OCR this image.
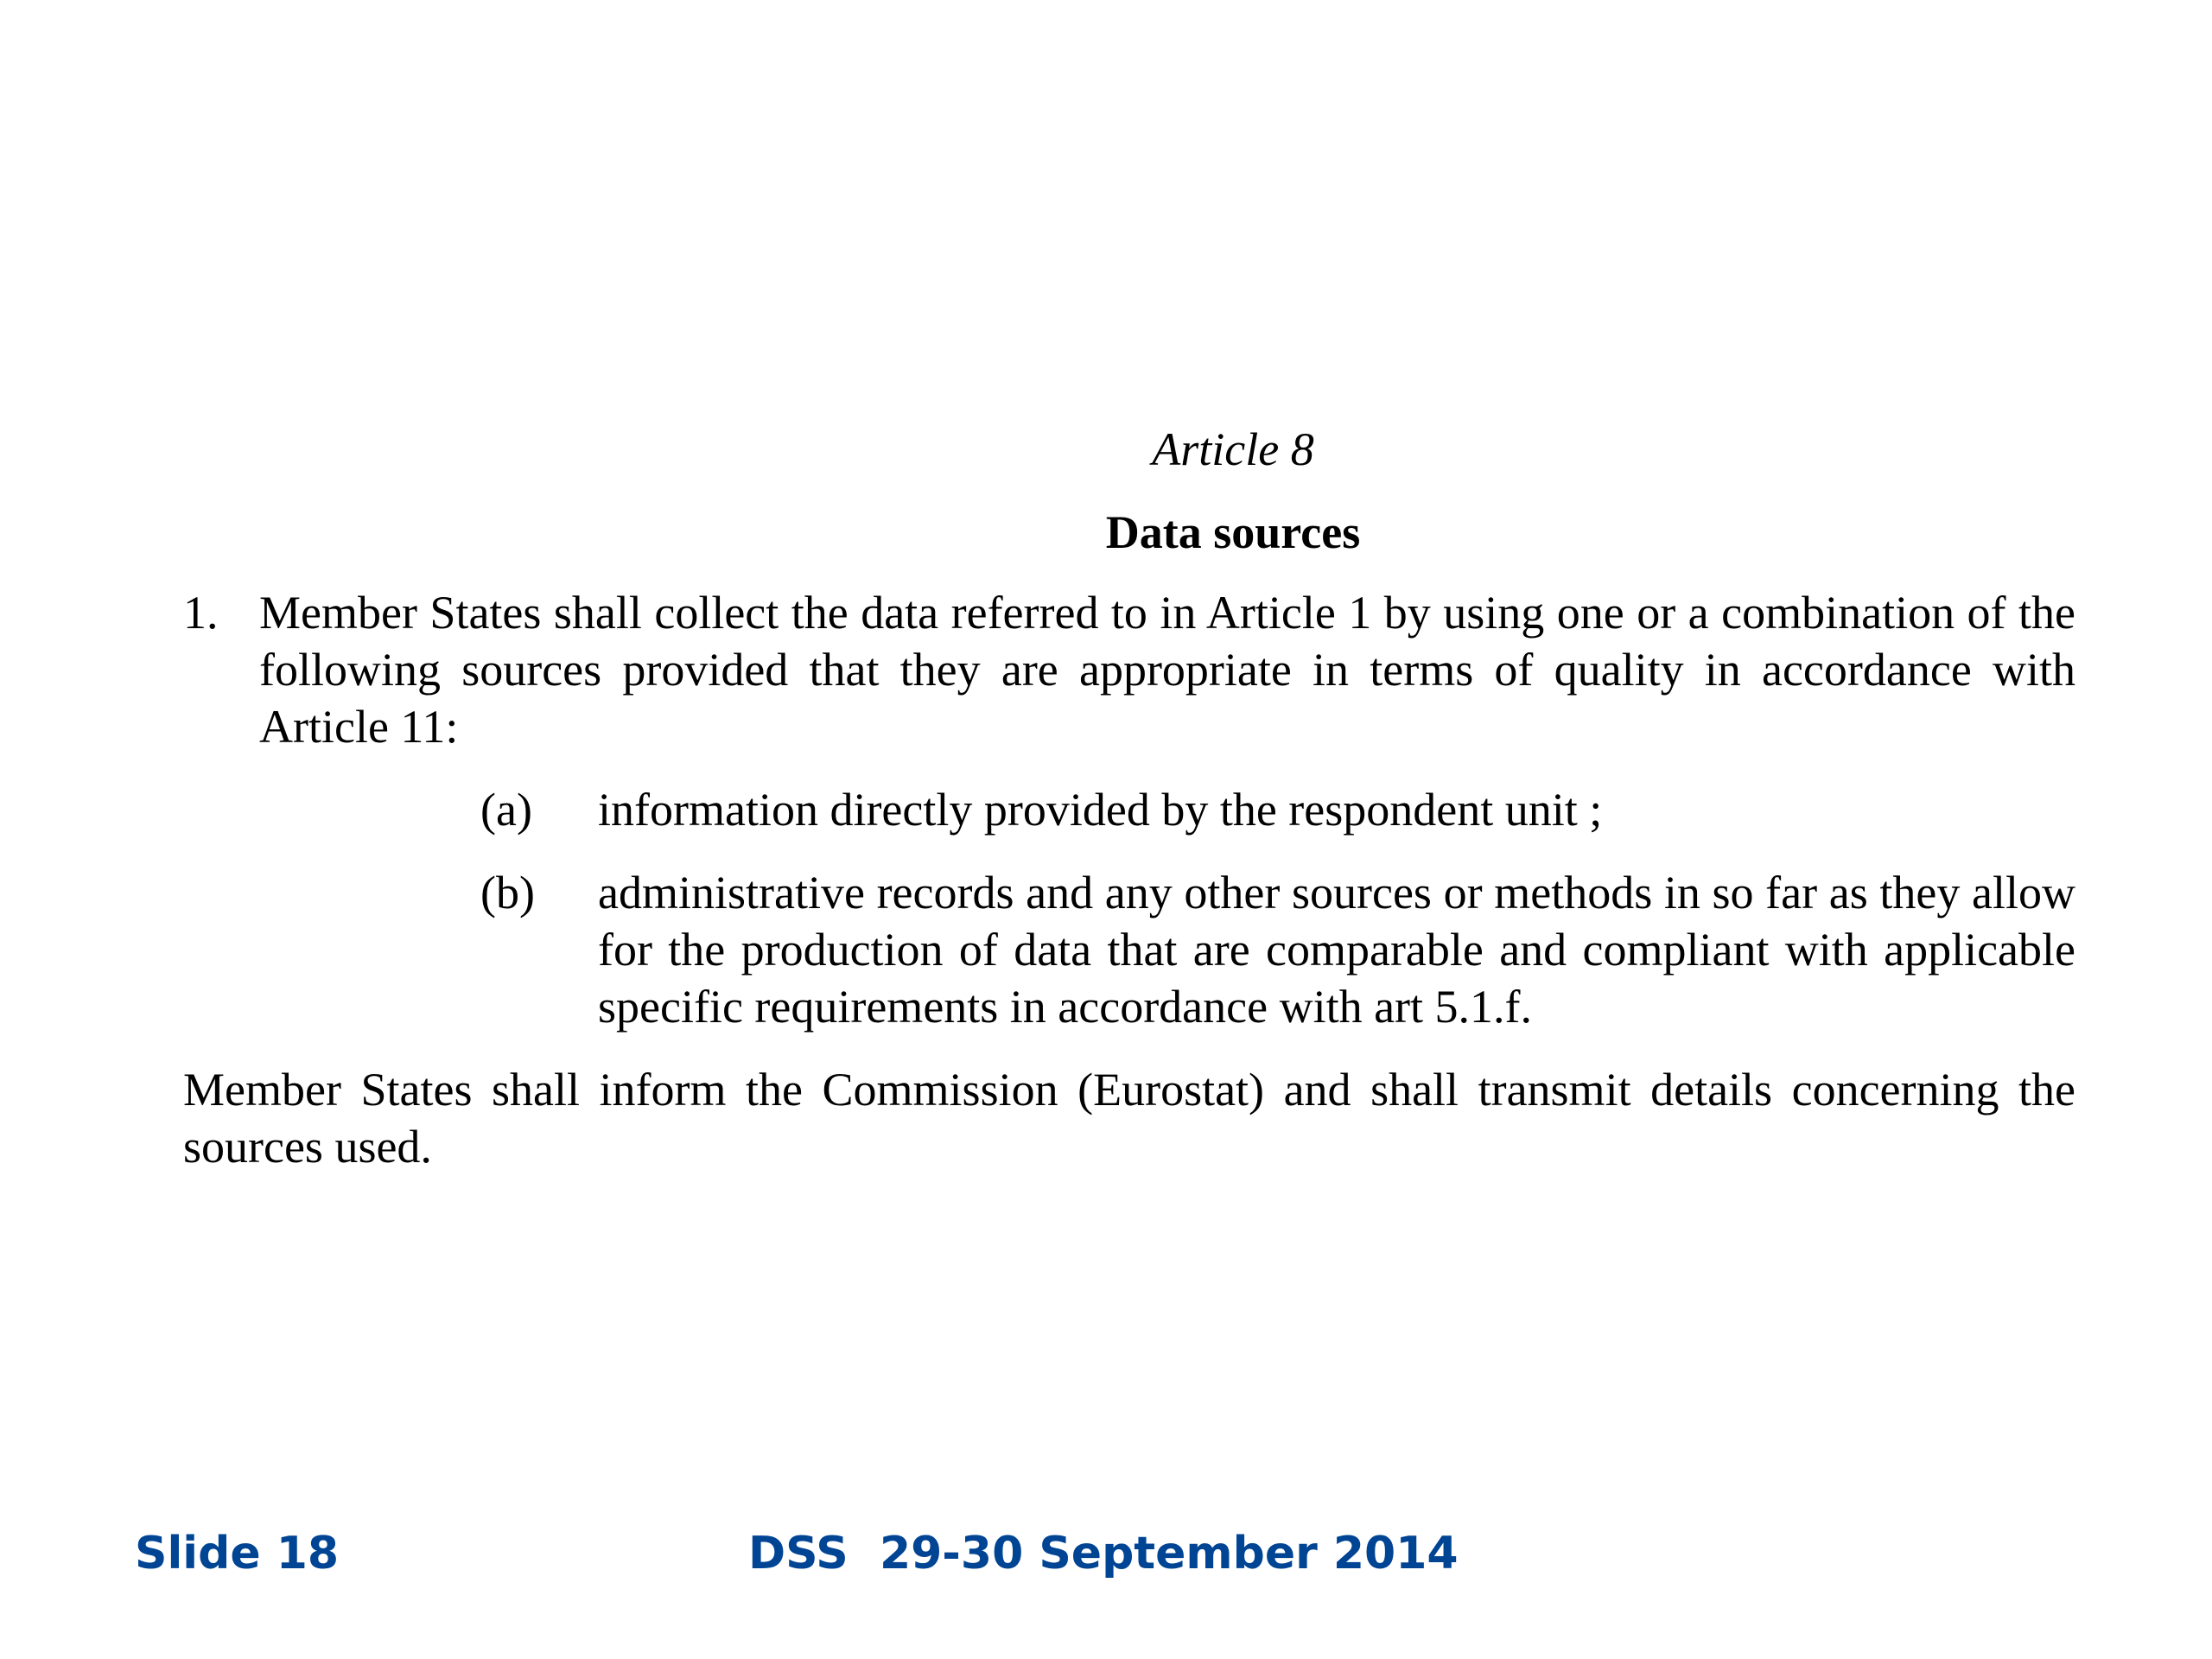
Article 8
Data sources
1. Member States shall collect the data referred to in Article 1 by using one or a combination of the following sources provided that they are appropriate in terms of quality in accordance with Article 11:
(a)	information directly provided by the respondent unit ;
(b)	administrative records and any other sources or methods in so far as they allow for the production of data that are comparable and compliant with applicable specific requirements in accordance with art 5.1.f.
Member States shall inform the Commission (Eurostat) and shall transmit details concerning the sources used.
Slide 18	DSS  29-30 September 2014
